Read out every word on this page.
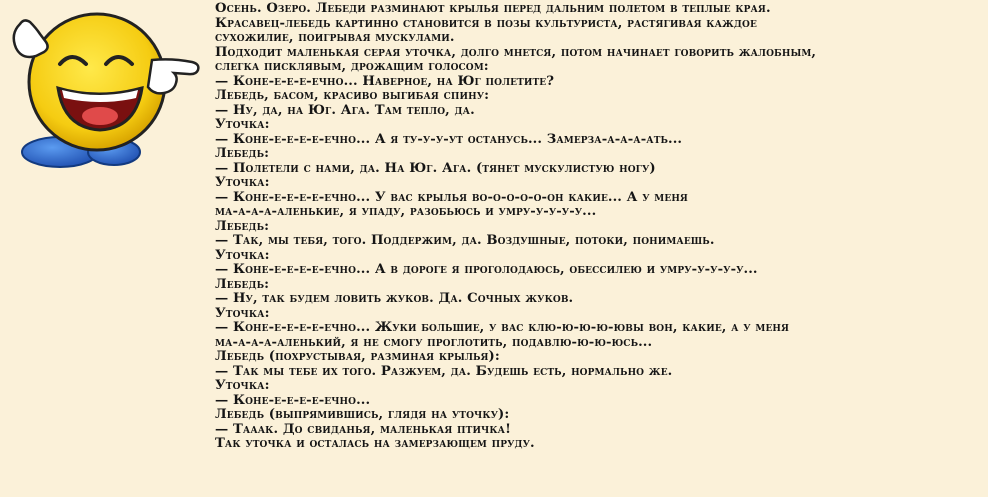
Осень. Озеро. Лебеди разминают крылья перед дальним полетом в теплые края.
Красавец-лебедь картинно становится в позы культуриста, растягивая каждое
сухожилие, поигрывая мускулами.
Подходит маленькая серая уточка, долго мнется, потом начинает говорить жалобным,
слегка писклявым, дрожащим голосом:
— Коне-е-е-е-ечно... Наверное, на Юг полетите?
Лебедь, басом, красиво выгибая спину:
— Ну, да, на Юг. Ага. Там тепло, да.
Уточка:
— Коне-е-е-е-е-ечно... А я ту-у-у-ут останусь... Замерза-а-а-а-ать...
Лебедь:
— Полетели с нами, да. На Юг. Ага. (тянет мускулистую ногу)
Уточка:
— Коне-е-е-е-е-ечно... У вас крылья во-о-о-о-о-он какие... А у меня
ма-а-а-а-аленькие, я упаду, разобьюсь и умру-у-у-у-у...
Лебедь:
— Так, мы тебя, того. Поддержим, да. Воздушные, потоки, понимаешь.
Уточка:
— Коне-е-е-е-е-ечно... А в дороге я проголодаюсь, обессилею и умру-у-у-у-у...
Лебедь:
— Ну, так будем ловить жуков. Да. Сочных жуков.
Уточка:
— Коне-е-е-е-е-ечно... Жуки большие, у вас клю-ю-ю-ю-ювы вон, какие, а у меня
ма-а-а-а-аленький, я не смогу проглотить, подавлю-ю-ю-юсь...
Лебедь (похрустывая, разминая крылья):
— Так мы тебе их того. Разжуем, да. Будешь есть, нормально же.
Уточка:
— Коне-е-е-е-е-ечно...
Лебедь (выпрямившись, глядя на уточку):
— Тааак. До свиданья, маленькая птичка!
Так уточка и осталась на замерзающем пруду.
